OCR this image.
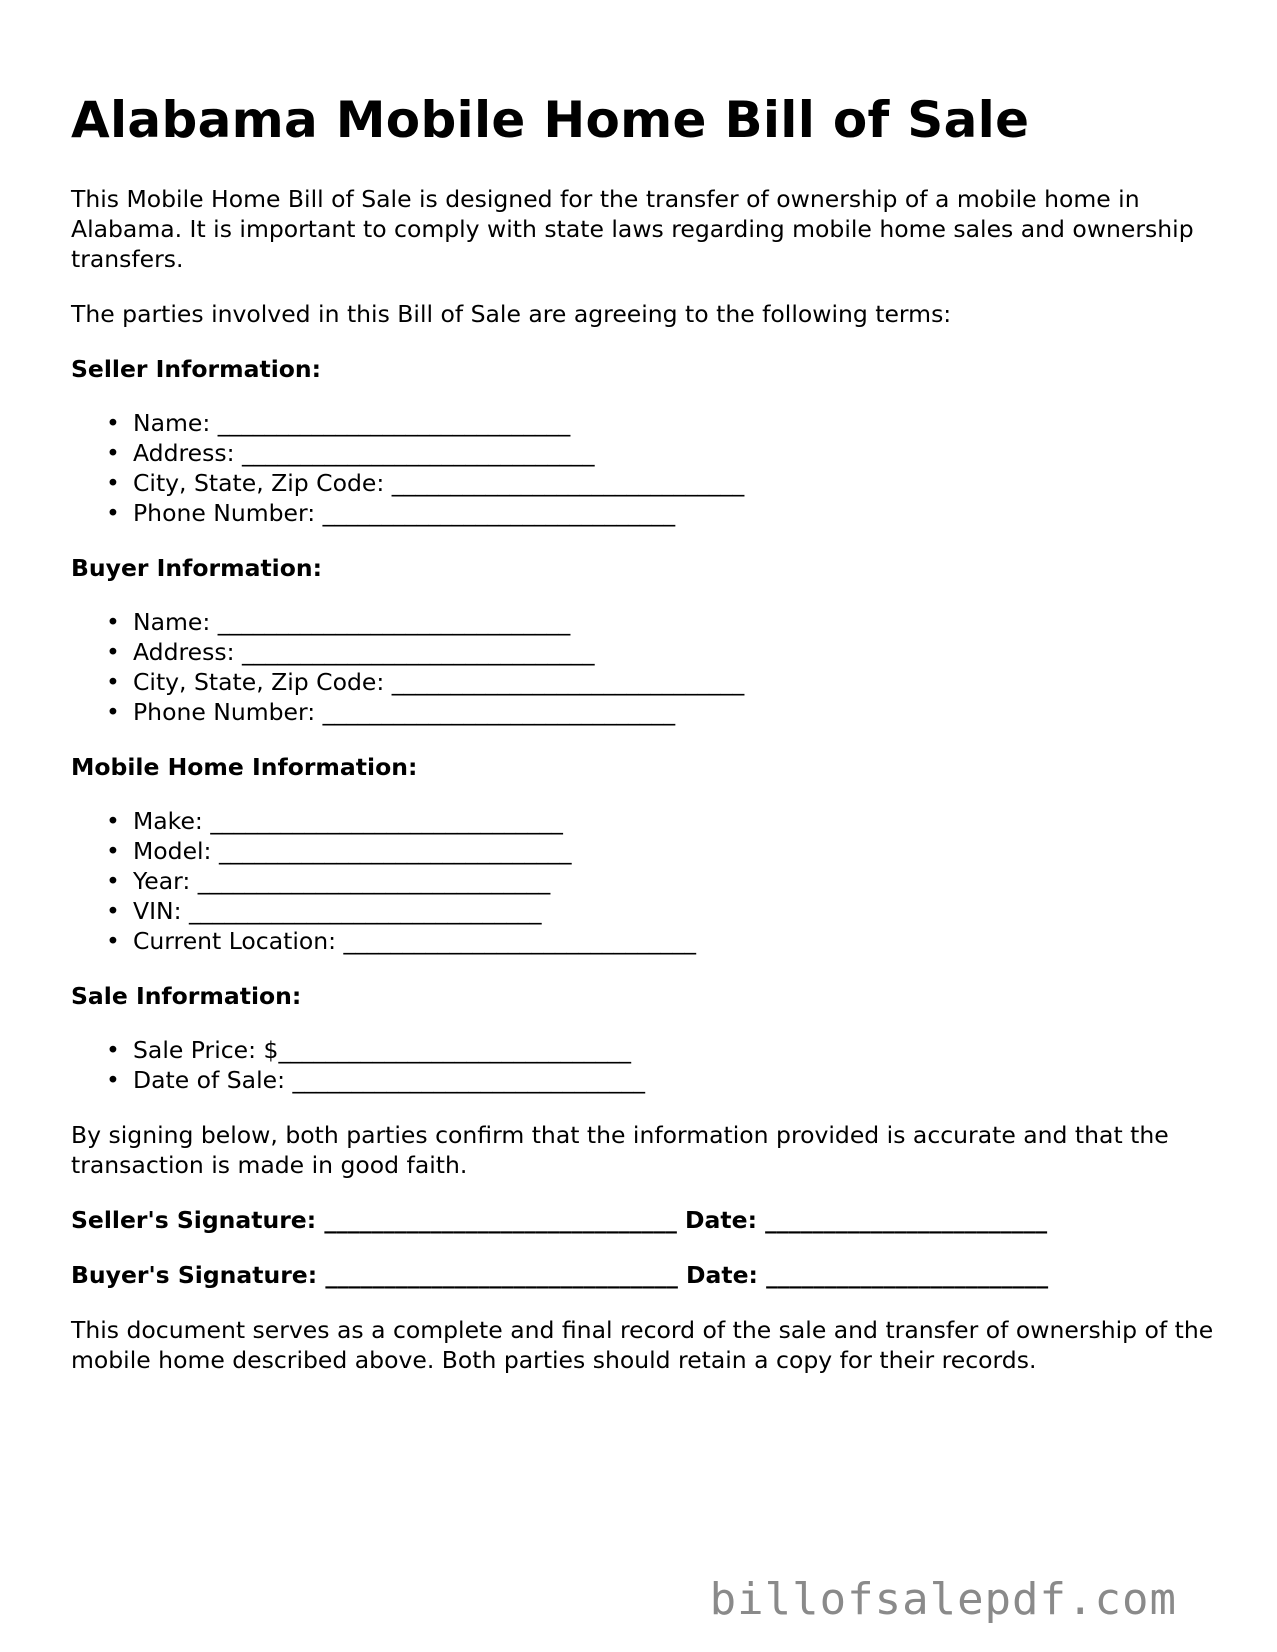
Alabama Mobile Home Bill of Sale

This Mobile Home Bill of Sale is designed for the transfer of ownership of a mobile home in Alabama. It is important to comply with state laws regarding mobile home sales and ownership transfers.

The parties involved in this Bill of Sale are agreeing to the following terms:

Seller Information:
• Name: ______________________________
• Address: ______________________________
• City, State, Zip Code: ______________________________
• Phone Number: ______________________________
Buyer Information:
• Name: ______________________________
• Address: ______________________________
• City, State, Zip Code: ______________________________
• Phone Number: ______________________________
Mobile Home Information:
• Make: ______________________________
• Model: ______________________________
• Year: ______________________________
• VIN: ______________________________
• Current Location: ______________________________
Sale Information:
• Sale Price: $______________________________
• Date of Sale: ______________________________

By signing below, both parties confirm that the information provided is accurate and that the transaction is made in good faith.

Seller's Signature: ______________________________ Date: ________________________
Buyer's Signature: ______________________________ Date: ________________________

This document serves as a complete and final record of the sale and transfer of ownership of the mobile home described above. Both parties should retain a copy for their records.

billofsalepdf.com
